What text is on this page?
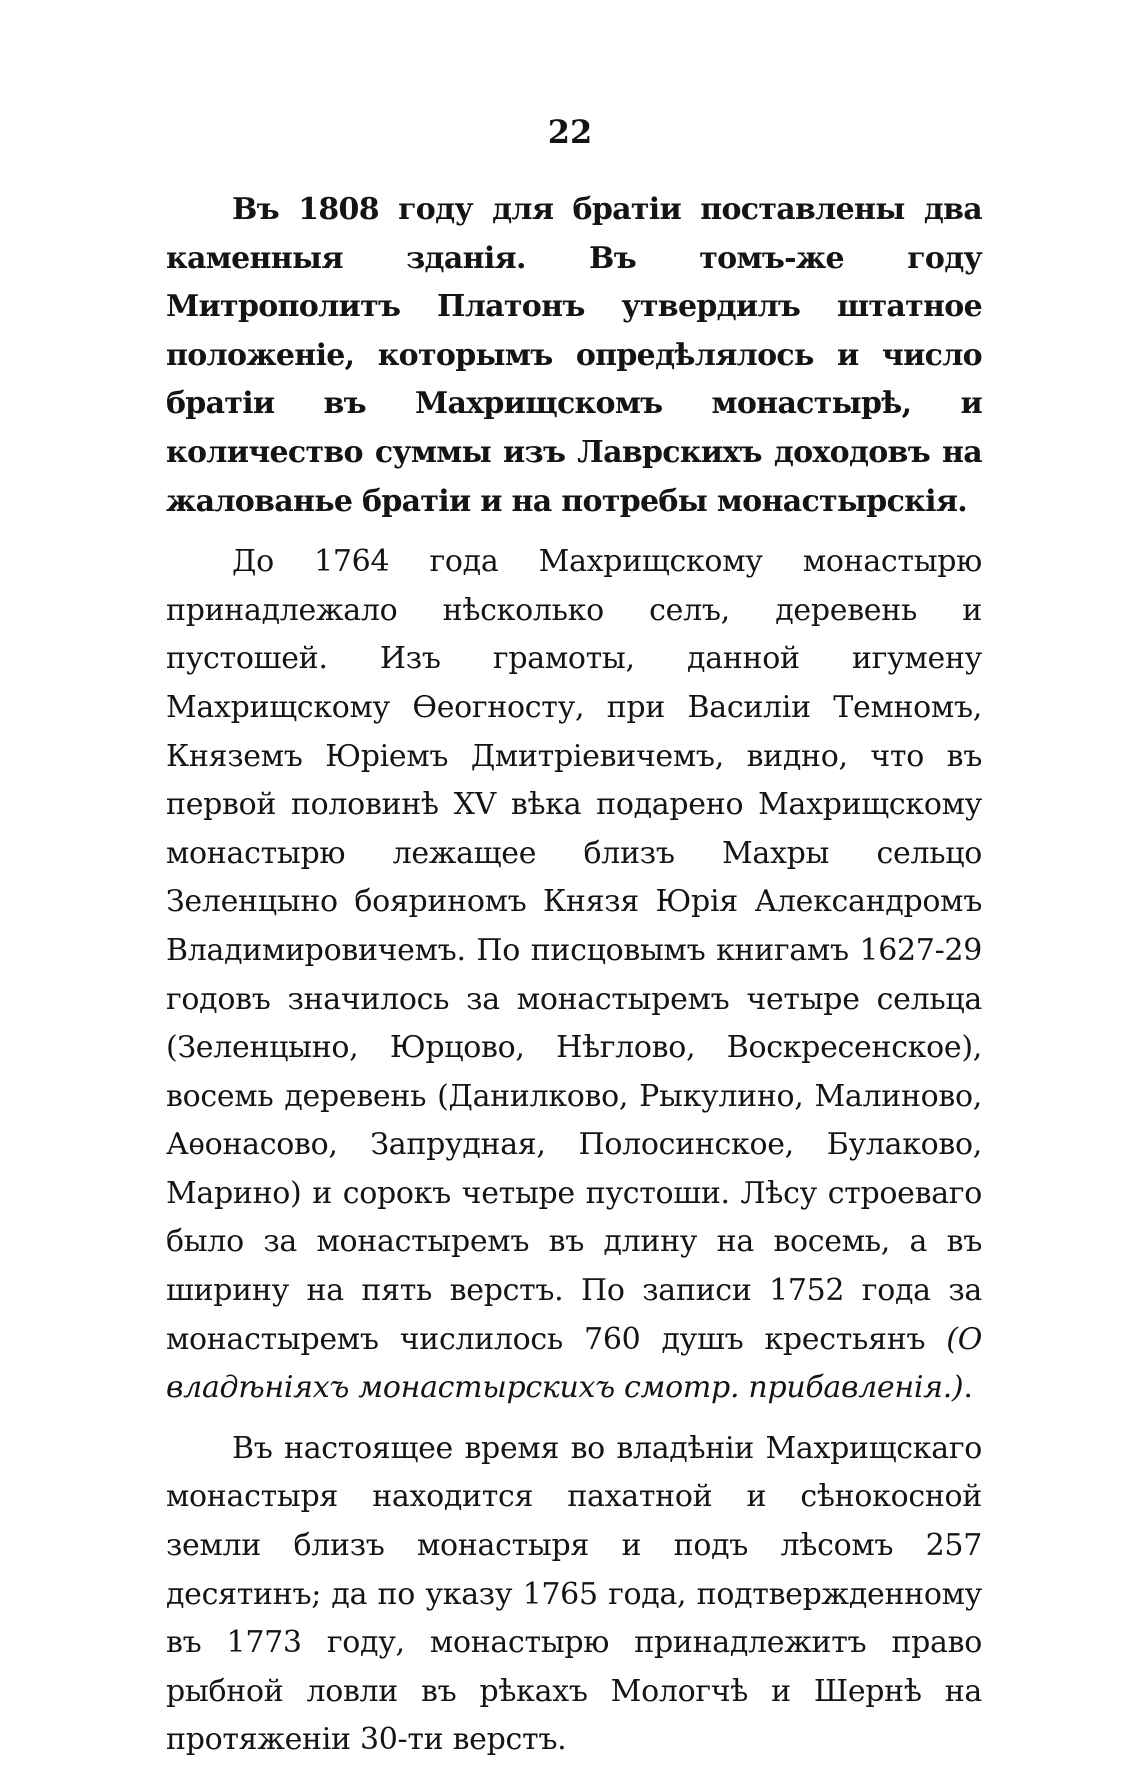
22

Въ 1808 году для братіи поставлены два каменныя зданія. Въ томъ-же году Митрополитъ Платонъ утвердилъ штатное положеніе, которымъ опредѣлялось и число братіи въ Махрищскомъ монастырѣ, и количество суммы изъ Лаврскихъ доходовъ на жалованье братіи и на потребы монастырскія.

До 1764 года Махрищскому монастырю принадлежало нѣсколько селъ, деревень и пустошей. Изъ грамоты, данной игумену Махрищскому Ѳеогносту, при Василіи Темномъ, Княземъ Юріемъ Дмитріевичемъ, видно, что въ первой половинѣ XV вѣка подарено Махрищскому монастырю лежащее близъ Махры сельцо Зеленцыно бояриномъ Князя Юрія Александромъ Владимировичемъ. По писцовымъ книгамъ 1627-29 годовъ значилось за монастыремъ четыре сельца (Зеленцыно, Юрцово, Нѣглово, Воскресенское), восемь деревень (Данилково, Рыкулино, Малиново, Аѳонасово, Запрудная, Полосинское, Булаково, Марино) и сорокъ четыре пустоши. Лѣсу строеваго было за монастыремъ въ длину на восемь, а въ ширину на пять верстъ. По записи 1752 года за монастыремъ числилось 760 душъ крестьянъ (О владѣніяхъ монастырскихъ смотр. прибавленія.).

Въ настоящее время во владѣніи Махрищскаго монастыря находится пахатной и сѣнокосной земли близъ монастыря и подъ лѣсомъ 257 десятинъ; да по указу 1765 года, подтвержденному въ 1773 году, монастырю принадлежитъ право рыбной ловли въ рѣкахъ Мологчѣ и Шернѣ на протяженіи 30-ти верстъ.
